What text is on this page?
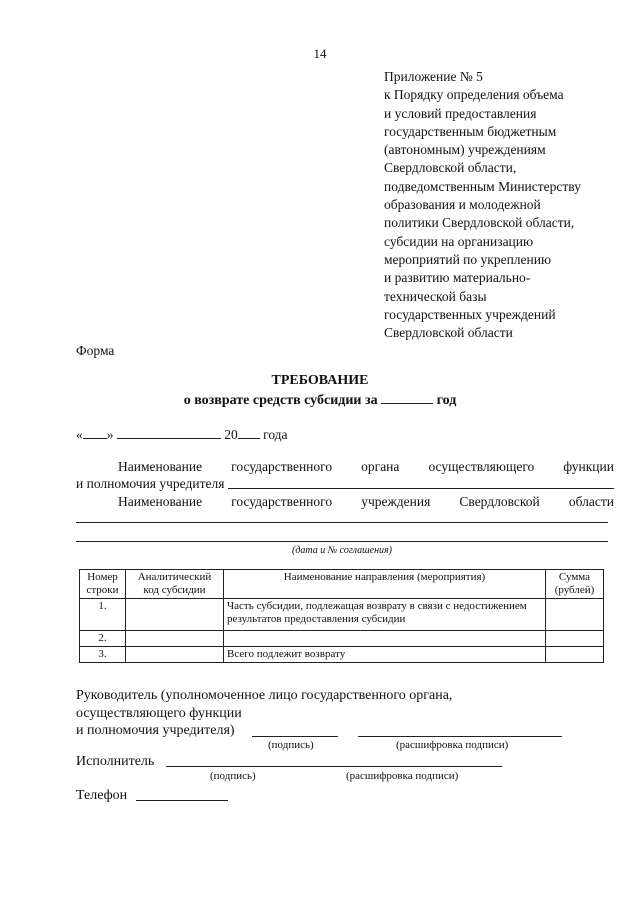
14
Приложение № 5
к Порядку определения объема
и условий предоставления
государственным бюджетным
(автономным) учреждениям
Свердловской области,
подведомственным Министерству
образования и молодежной
политики Свердловской области,
субсидии на организацию
мероприятий по укреплению
и развитию материально-
технической базы
государственных учреждений
Свердловской области
Форма
ТРЕБОВАНИЕ
о возврате средств субсидии за	год
« »	20 года
Наименование государственного органа осуществляющего функции
и полномочия учредителя
Наименование государственного учреждения Свердловской области
(дата и № соглашения)
Номер строки	Аналитический код субсидии	Наименование направления (мероприятия)	Сумма (рублей)
1.		Часть субсидии, подлежащая возврату в связи с недостижением результатов предоставления субсидии	
2.			
3.		Всего подлежит возврату	
Руководитель (уполномоченное лицо государственного органа,
осуществляющего функции
и полномочия учредителя)
(подпись)	(расшифровка подписи)
Исполнитель
(подпись)	(расшифровка подписи)
Телефон
